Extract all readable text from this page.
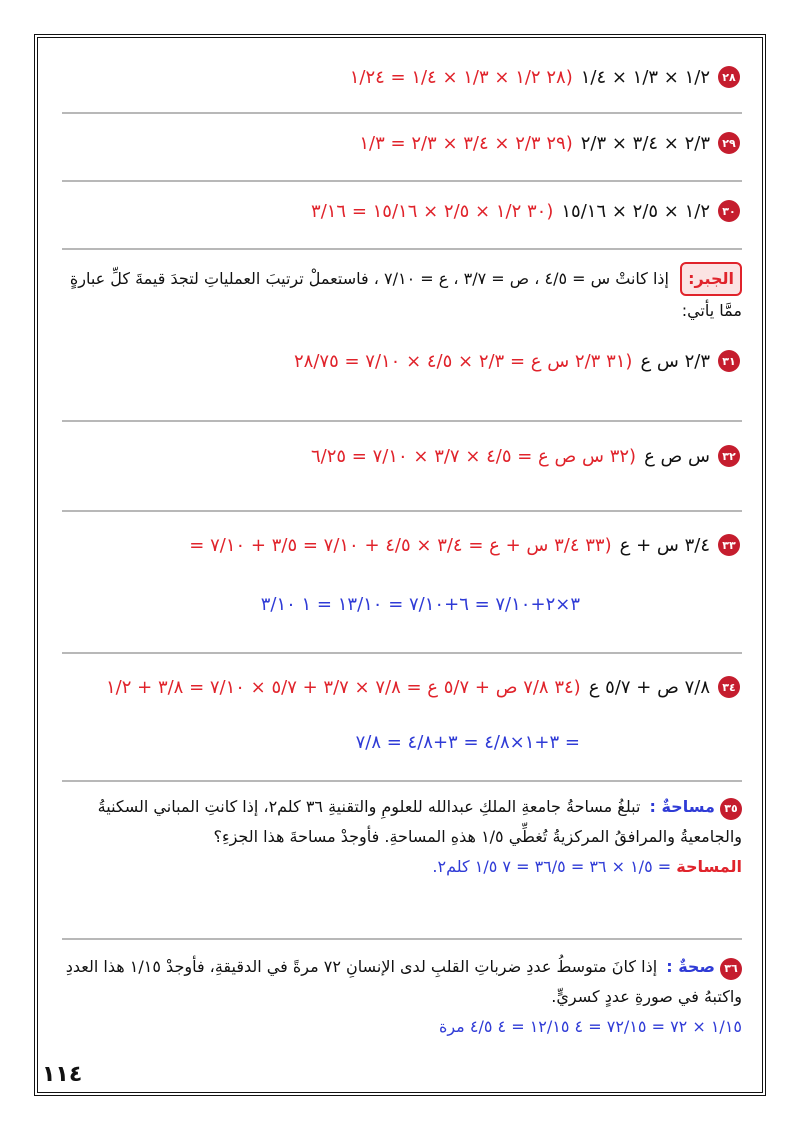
٢٨
١/٢ × ١/٣ × ١/٤
(٢٨ ١/٢ × ١/٣ × ١/٤ = ١/٢٤
٢٩
٢/٣ × ٣/٤ × ٢/٣
(٢٩ ٢/٣ × ٣/٤ × ٢/٣ = ١/٣
٣٠
١/٢ × ٢/٥ × ١٥/١٦
(٣٠ ١/٢ × ٢/٥ × ١٥/١٦ = ٣/١٦
الجبر: إذا كانتْ س = ٤/٥ ، ص = ٣/٧ ، ع = ٧/١٠ ، فاستعملْ ترتيبَ العملياتِ لتجدَ قيمةَ كلِّ عبارةٍ ممَّا يأتي:
٣١
٢/٣ س ع
(٣١ ٢/٣ س ع = ٢/٣ × ٤/٥ × ٧/١٠ = ٢٨/٧٥
٣٢
س ص ع
(٣٢ س ص ع = ٤/٥ × ٣/٧ × ٧/١٠ = ٦/٢٥
٣٣
٣/٤ س + ع
(٣٣ ٣/٤ س + ع = ٣/٤ × ٤/٥ + ٧/١٠ = ٣/٥ + ٧/١٠ =
٣×٢+٧/١٠ = ٦+٧/١٠ = ١٣/١٠ = ١ ٣/١٠
٣٤
٧/٨ ص + ٥/٧ ع
(٣٤ ٧/٨ ص + ٥/٧ ع = ٧/٨ × ٣/٧ + ٥/٧ × ٧/١٠ = ٣/٨ + ١/٢
= ٣+١×٤/٨ = ٣+٤/٨ = ٧/٨
٣٥ مساحةٌ : تبلغُ مساحةُ جامعةِ الملكِ عبدالله للعلومِ والتقنيةِ ٣٦ كلم٢، إذا كانتِ المباني السكنيةُ والجامعيةُ والمرافقُ المركزيةُ تُغطِّي ١/٥ هذهِ المساحةِ. فأوجدْ مساحةَ هذا الجزءِ؟
المساحة = ١/٥ × ٣٦ = ٣٦/٥ = ٧ ١/٥ كلم٢.
٣٦ صحةٌ : إذا كانَ متوسطُ عددِ ضرباتِ القلبِ لدى الإنسانِ ٧٢ مرةً في الدقيقةِ، فأوجدْ ١/١٥ هذا العددِ واكتبهُ في صورةِ عددٍ كسريٍّ.
١/١٥ × ٧٢ = ٧٢/١٥ = ٤ ١٢/١٥ = ٤ ٤/٥ مرة
١١٤
